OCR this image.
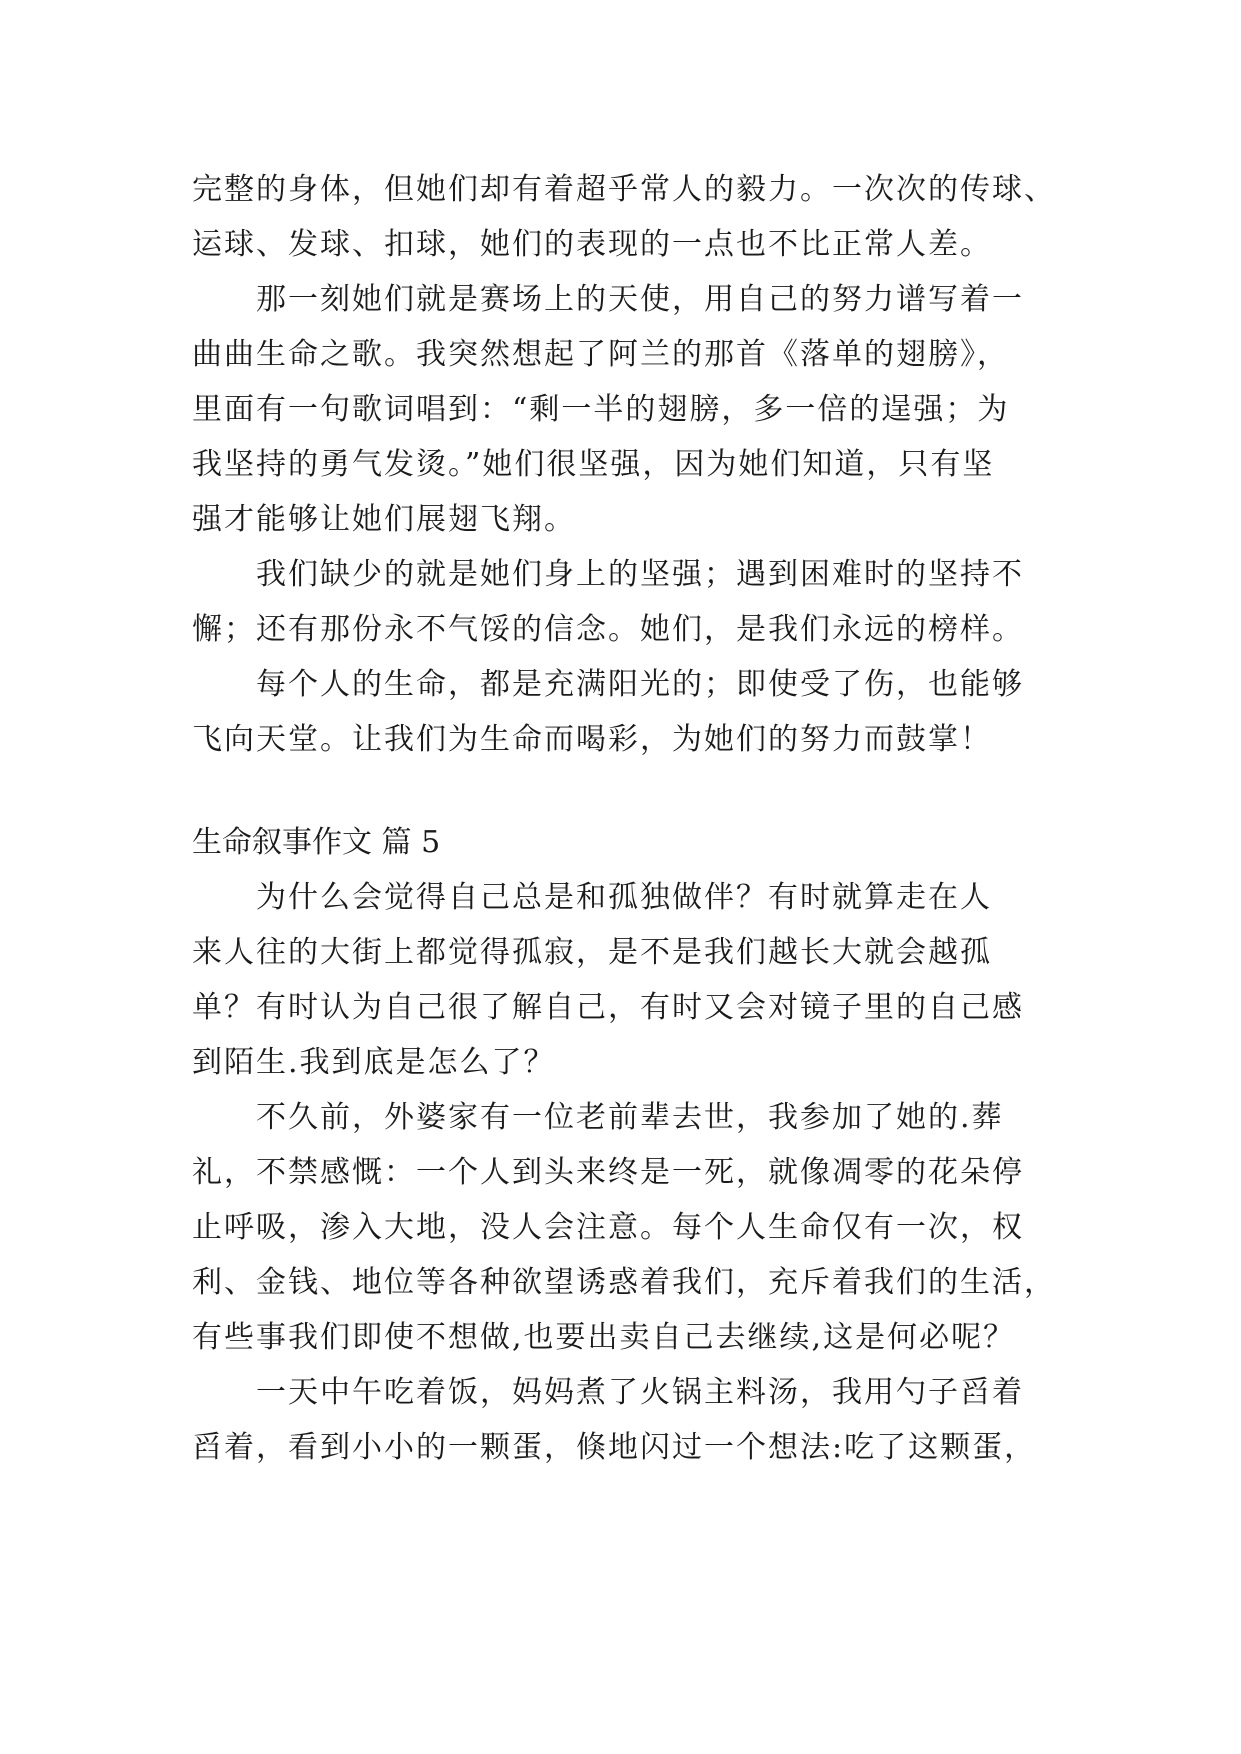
完整的身体，但她们却有着超乎常人的毅力。一次次的传球、
运球、发球、扣球，她们的表现的一点也不比正常人差。
　　那一刻她们就是赛场上的天使，用自己的努力谱写着一
曲曲生命之歌。我突然想起了阿兰的那首《落单的翅膀》，
里面有一句歌词唱到：“剩一半的翅膀，多一倍的逞强；为
我坚持的勇气发烫。”她们很坚强，因为她们知道，只有坚
强才能够让她们展翅飞翔。
　　我们缺少的就是她们身上的坚强；遇到困难时的坚持不
懈；还有那份永不气馁的信念。她们，是我们永远的榜样。
　　每个人的生命，都是充满阳光的；即使受了伤，也能够
飞向天堂。让我们为生命而喝彩，为她们的努力而鼓掌！
生命叙事作文 篇 5
　　为什么会觉得自己总是和孤独做伴？有时就算走在人
来人往的大街上都觉得孤寂，是不是我们越长大就会越孤
单？有时认为自己很了解自己，有时又会对镜子里的自己感
到陌生.我到底是怎么了？
　　不久前，外婆家有一位老前辈去世，我参加了她的.葬
礼，不禁感慨：一个人到头来终是一死，就像凋零的花朵停
止呼吸，渗入大地，没人会注意。每个人生命仅有一次，权
利、金钱、地位等各种欲望诱惑着我们，充斥着我们的生活，
有些事我们即使不想做,也要出卖自己去继续,这是何必呢？
　　一天中午吃着饭，妈妈煮了火锅主料汤，我用勺子舀着
舀着，看到小小的一颗蛋，倏地闪过一个想法:吃了这颗蛋，
